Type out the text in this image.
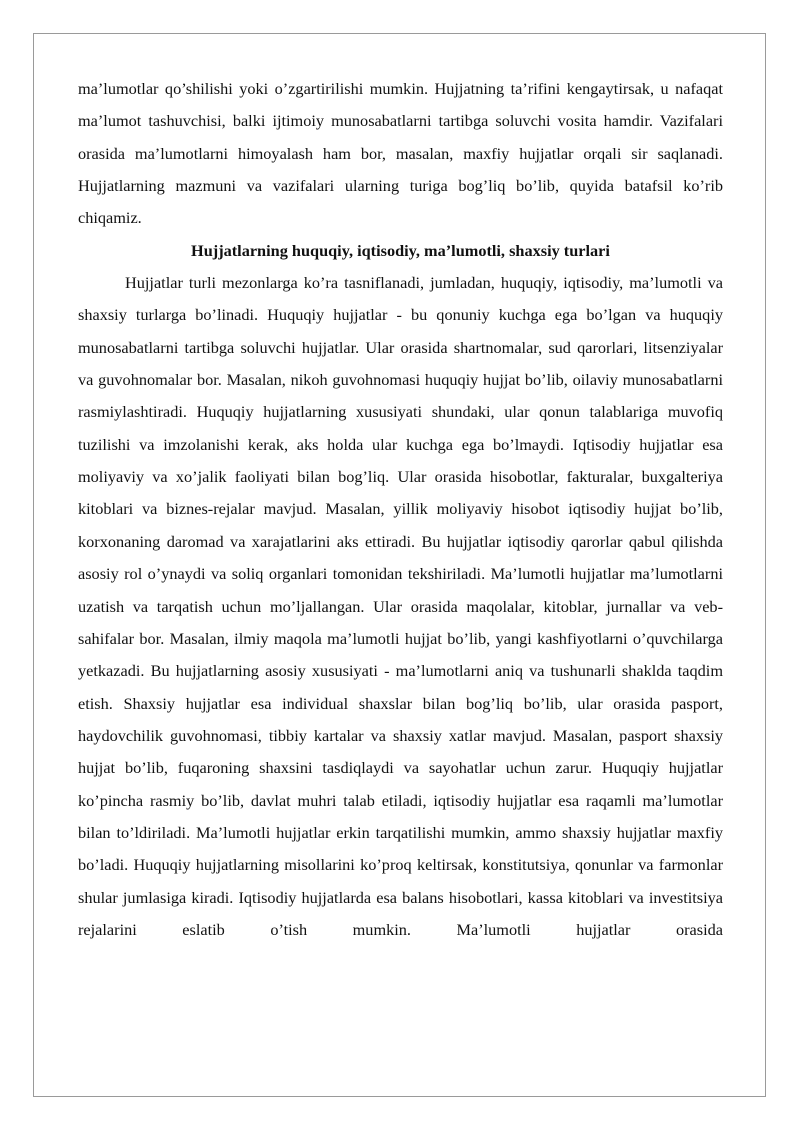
ma’lumotlar qo’shilishi yoki o’zgartirilishi mumkin. Hujjatning ta’rifini kengaytirsak, u nafaqat ma’lumot tashuvchisi, balki ijtimoiy munosabatlarni tartibga soluvchi vosita hamdir. Vazifalari orasida ma’lumotlarni himoyalash ham bor, masalan, maxfiy hujjatlar orqali sir saqlanadi. Hujjatlarning mazmuni va vazifalari ularning turiga bog’liq bo’lib, quyida batafsil ko’rib chiqamiz.

Hujjatlarning huquqiy, iqtisodiy, ma’lumotli, shaxsiy turlari

Hujjatlar turli mezonlarga ko’ra tasniflanadi, jumladan, huquqiy, iqtisodiy, ma’lumotli va shaxsiy turlarga bo’linadi. Huquqiy hujjatlar - bu qonuniy kuchga ega bo’lgan va huquqiy munosabatlarni tartibga soluvchi hujjatlar. Ular orasida shartnomalar, sud qarorlari, litsenziyalar va guvohnomalar bor. Masalan, nikoh guvohnomasi huquqiy hujjat bo’lib, oilaviy munosabatlarni rasmiylashtiradi. Huquqiy hujjatlarning xususiyati shundaki, ular qonun talablariga muvofiq tuzilishi va imzolanishi kerak, aks holda ular kuchga ega bo’lmaydi. Iqtisodiy hujjatlar esa moliyaviy va xo’jalik faoliyati bilan bog’liq. Ular orasida hisobotlar, fakturalar, buxgalteriya kitoblari va biznes-rejalar mavjud. Masalan, yillik moliyaviy hisobot iqtisodiy hujjat bo’lib, korxonaning daromad va xarajatlarini aks ettiradi. Bu hujjatlar iqtisodiy qarorlar qabul qilishda asosiy rol o’ynaydi va soliq organlari tomonidan tekshiriladi. Ma’lumotli hujjatlar ma’lumotlarni uzatish va tarqatish uchun mo’ljallangan. Ular orasida maqolalar, kitoblar, jurnallar va veb-sahifalar bor. Masalan, ilmiy maqola ma’lumotli hujjat bo’lib, yangi kashfiyotlarni o’quvchilarga yetkazadi. Bu hujjatlarning asosiy xususiyati - ma’lumotlarni aniq va tushunarli shaklda taqdim etish. Shaxsiy hujjatlar esa individual shaxslar bilan bog’liq bo’lib, ular orasida pasport, haydovchilik guvohnomasi, tibbiy kartalar va shaxsiy xatlar mavjud. Masalan, pasport shaxsiy hujjat bo’lib, fuqaroning shaxsini tasdiqlaydi va sayohatlar uchun zarur. Huquqiy hujjatlar ko’pincha rasmiy bo’lib, davlat muhri talab etiladi, iqtisodiy hujjatlar esa raqamli ma’lumotlar bilan to’ldiriladi. Ma’lumotli hujjatlar erkin tarqatilishi mumkin, ammo shaxsiy hujjatlar maxfiy bo’ladi. Huquqiy hujjatlarning misollarini ko’proq keltirsak, konstitutsiya, qonunlar va farmonlar shular jumlasiga kiradi. Iqtisodiy hujjatlarda esa balans hisobotlari, kassa kitoblari va investitsiya rejalarini eslatib o’tish mumkin. Ma’lumotli hujjatlar orasida
